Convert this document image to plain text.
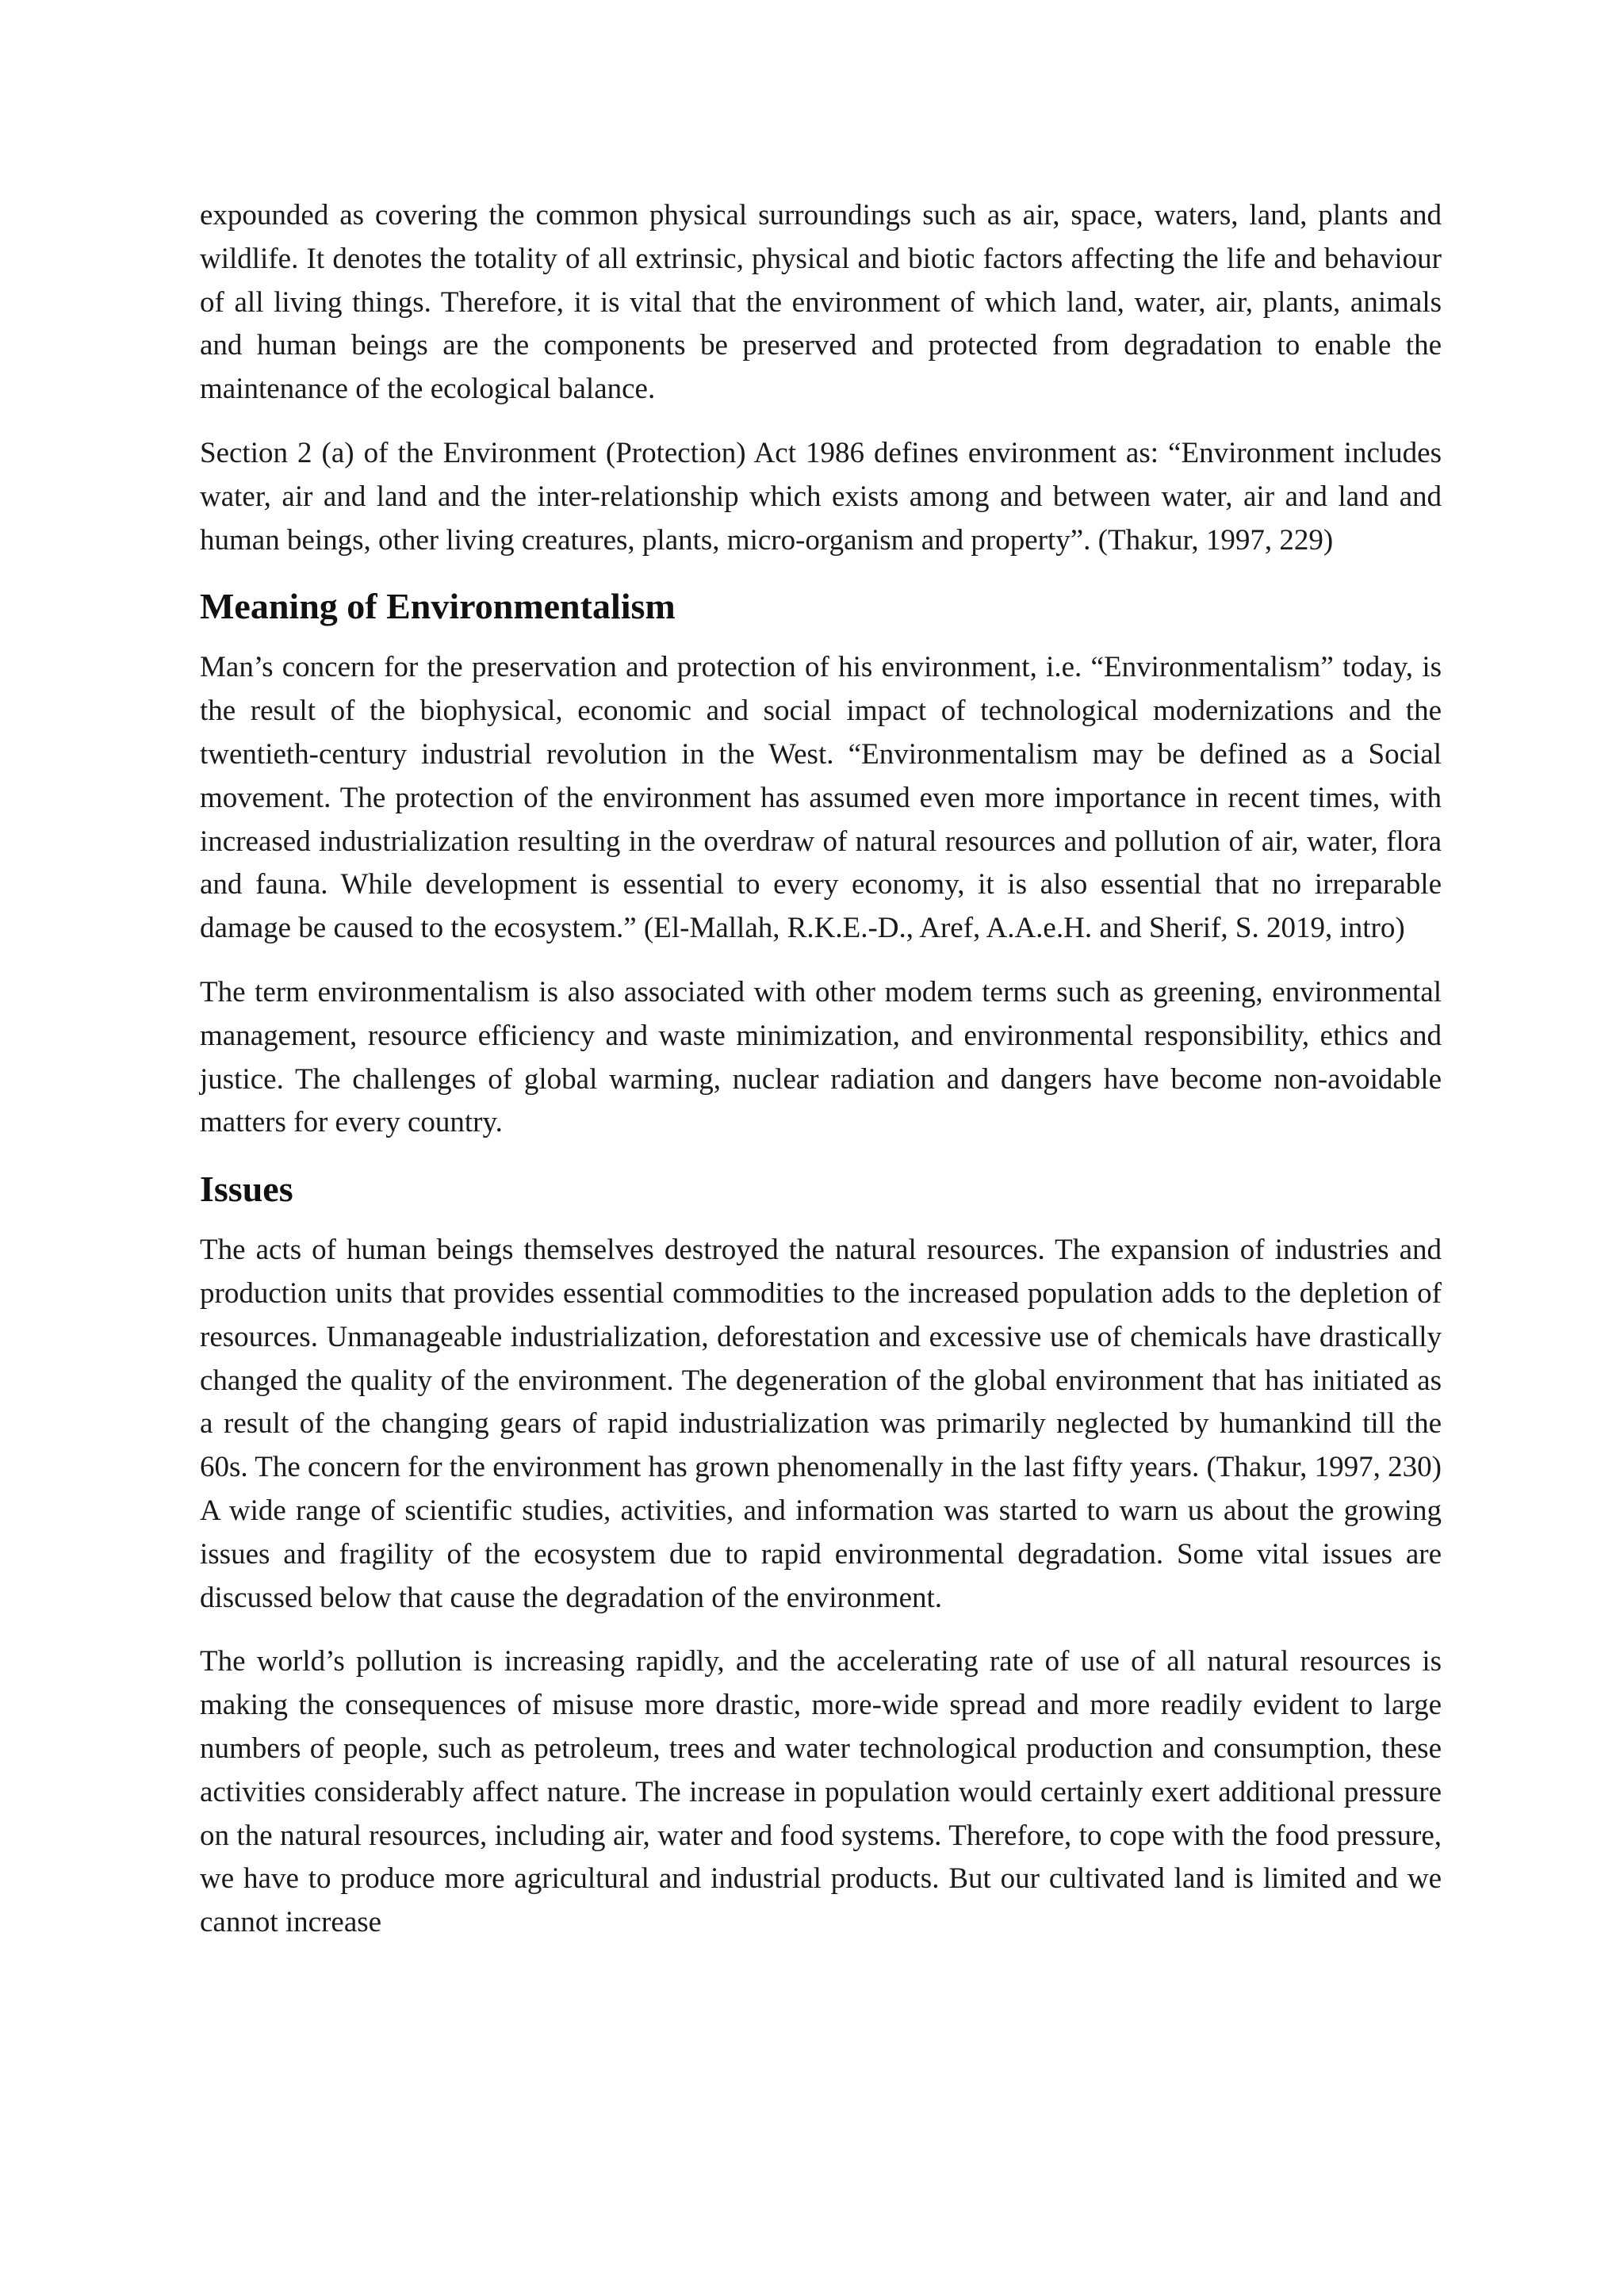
expounded as covering the common physical surroundings such as air, space, waters, land, plants and wildlife. It denotes the totality of all extrinsic, physical and biotic factors affecting the life and behaviour of all living things. Therefore, it is vital that the environment of which land, water, air, plants, animals and human beings are the components be preserved and protected from degradation to enable the maintenance of the ecological balance.

Section 2 (a) of the Environment (Protection) Act 1986 defines environment as: “Environment includes water, air and land and the inter-relationship which exists among and between water, air and land and human beings, other living creatures, plants, micro-organism and property”. (Thakur, 1997, 229)

Meaning of Environmentalism

Man’s concern for the preservation and protection of his environment, i.e. “Environmentalism” today, is the result of the biophysical, economic and social impact of technological modernizations and the twentieth-century industrial revolution in the West. “Environmentalism may be defined as a Social movement. The protection of the environment has assumed even more importance in recent times, with increased industrialization resulting in the overdraw of natural resources and pollution of air, water, flora and fauna. While development is essential to every economy, it is also essential that no irreparable damage be caused to the ecosystem.” (El-Mallah, R.K.E.-D., Aref, A.A.e.H. and Sherif, S. 2019, intro)

The term environmentalism is also associated with other modem terms such as greening, environmental management, resource efficiency and waste minimization, and environmental responsibility, ethics and justice. The challenges of global warming, nuclear radiation and dangers have become non-avoidable matters for every country.

Issues

The acts of human beings themselves destroyed the natural resources. The expansion of industries and production units that provides essential commodities to the increased population adds to the depletion of resources. Unmanageable industrialization, deforestation and excessive use of chemicals have drastically changed the quality of the environment. The degeneration of the global environment that has initiated as a result of the changing gears of rapid industrialization was primarily neglected by humankind till the 60s. The concern for the environment has grown phenomenally in the last fifty years. (Thakur, 1997, 230) A wide range of scientific studies, activities, and information was started to warn us about the growing issues and fragility of the ecosystem due to rapid environmental degradation. Some vital issues are discussed below that cause the degradation of the environment.

The world’s pollution is increasing rapidly, and the accelerating rate of use of all natural resources is making the consequences of misuse more drastic, more-wide spread and more readily evident to large numbers of people, such as petroleum, trees and water technological production and consumption, these activities considerably affect nature. The increase in population would certainly exert additional pressure on the natural resources, including air, water and food systems. Therefore, to cope with the food pressure, we have to produce more agricultural and industrial products. But our cultivated land is limited and we cannot increase
